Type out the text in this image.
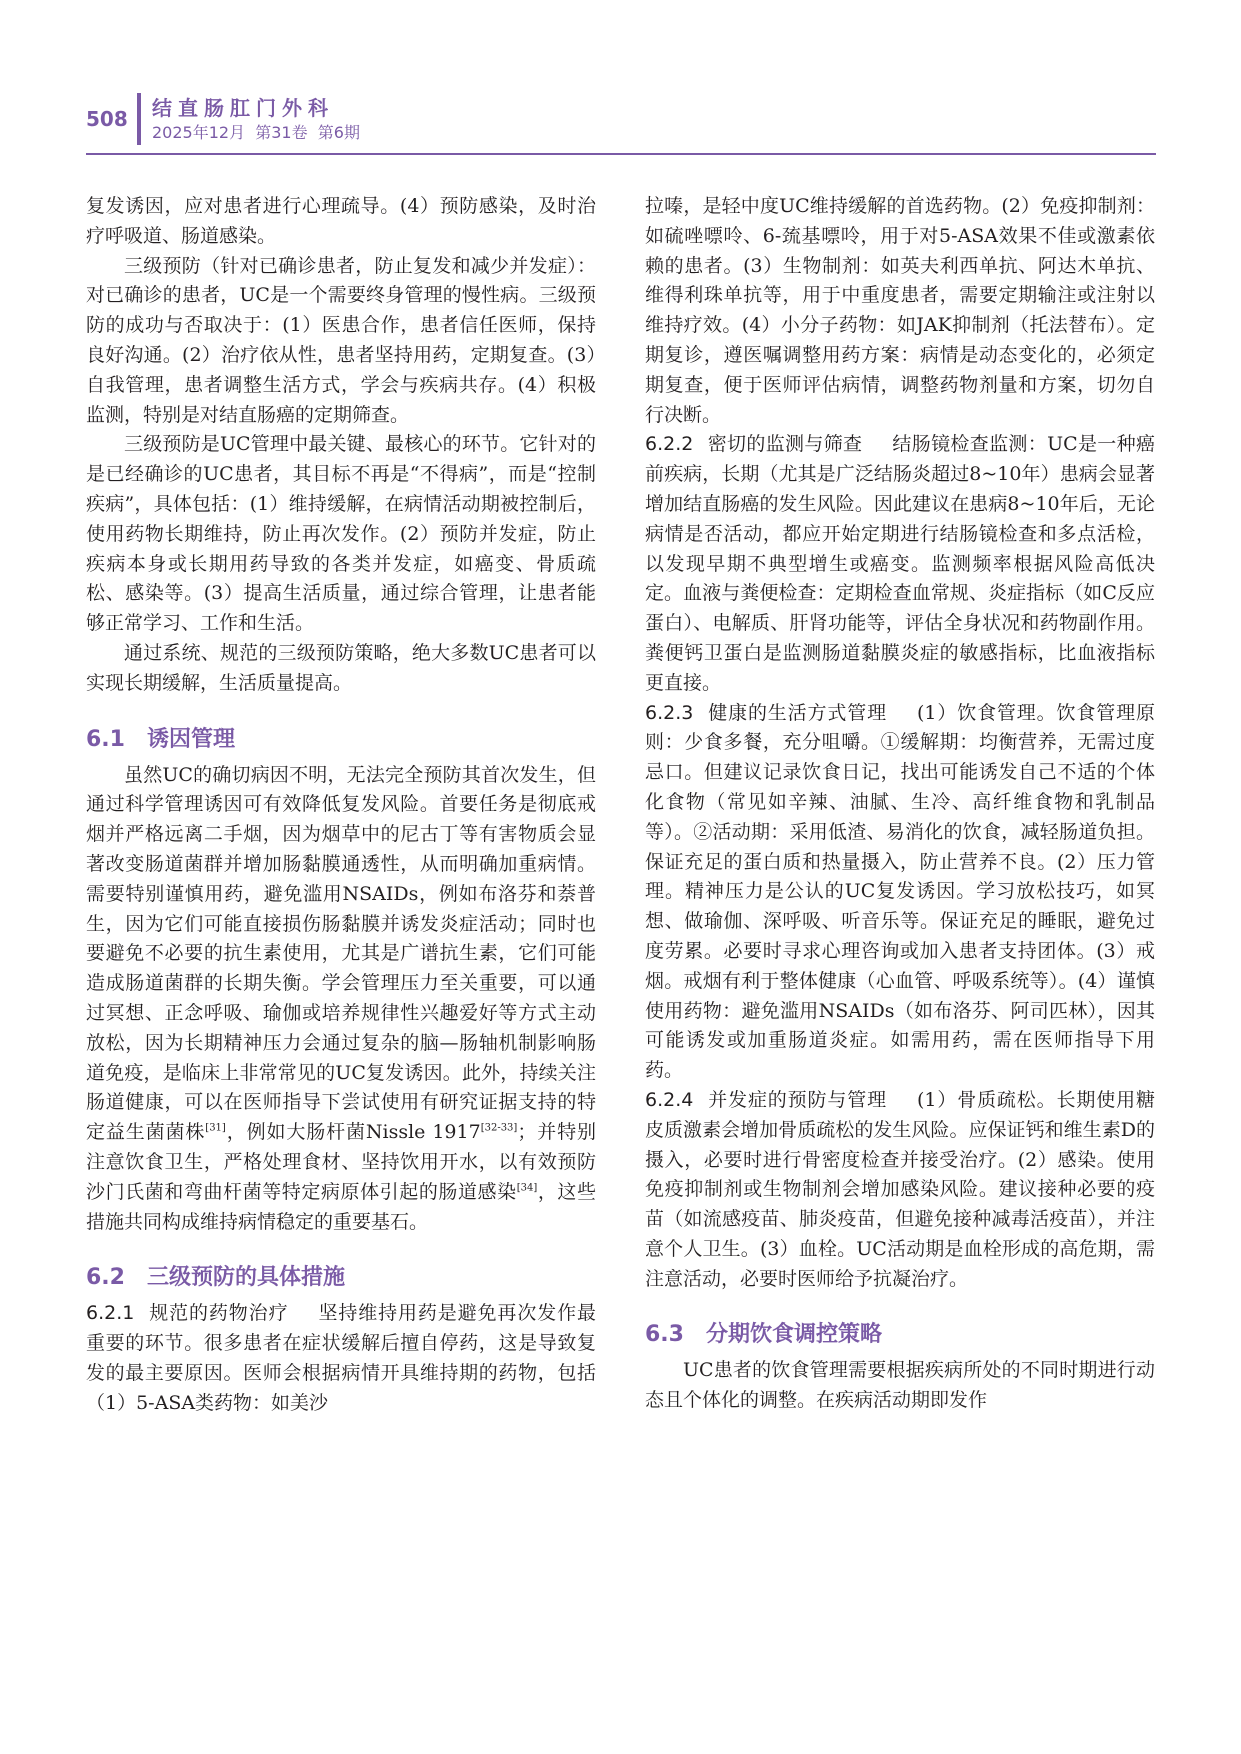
508 结直肠肛门外科
2025年12月  第31卷  第6期

复发诱因，应对患者进行心理疏导。(4）预防感染，及时治疗呼吸道、肠道感染。

三级预防（针对已确诊患者，防止复发和减少并发症）：对已确诊的患者，UC是一个需要终身管理的慢性病。三级预防的成功与否取决于：(1）医患合作，患者信任医师，保持良好沟通。(2）治疗依从性，患者坚持用药，定期复查。(3）自我管理，患者调整生活方式，学会与疾病共存。(4）积极监测，特别是对结直肠癌的定期筛查。

三级预防是UC管理中最关键、最核心的环节。它针对的是已经确诊的UC患者，其目标不再是“不得病”，而是“控制疾病”，具体包括：(1）维持缓解，在病情活动期被控制后，使用药物长期维持，防止再次发作。(2）预防并发症，防止疾病本身或长期用药导致的各类并发症，如癌变、骨质疏松、感染等。(3）提高生活质量，通过综合管理，让患者能够正常学习、工作和生活。

通过系统、规范的三级预防策略，绝大多数UC患者可以实现长期缓解，生活质量提高。

6.1 诱因管理

虽然UC的确切病因不明，无法完全预防其首次发生，但通过科学管理诱因可有效降低复发风险。首要任务是彻底戒烟并严格远离二手烟，因为烟草中的尼古丁等有害物质会显著改变肠道菌群并增加肠黏膜通透性，从而明确加重病情。需要特别谨慎用药，避免滥用NSAIDs，例如布洛芬和萘普生，因为它们可能直接损伤肠黏膜并诱发炎症活动；同时也要避免不必要的抗生素使用，尤其是广谱抗生素，它们可能造成肠道菌群的长期失衡。学会管理压力至关重要，可以通过冥想、正念呼吸、瑜伽或培养规律性兴趣爱好等方式主动放松，因为长期精神压力会通过复杂的脑—肠轴机制影响肠道免疫，是临床上非常常见的UC复发诱因。此外，持续关注肠道健康，可以在医师指导下尝试使用有研究证据支持的特定益生菌菌株[31]，例如大肠杆菌Nissle 1917[32-33]；并特别注意饮食卫生，严格处理食材、坚持饮用开水，以有效预防沙门氏菌和弯曲杆菌等特定病原体引起的肠道感染[34]，这些措施共同构成维持病情稳定的重要基石。

6.2 三级预防的具体措施

6.2.1 规范的药物治疗 坚持维持用药是避免再次发作最重要的环节。很多患者在症状缓解后擅自停药，这是导致复发的最主要原因。医师会根据病情开具维持期的药物，包括（1）5-ASA类药物：如美沙

拉嗪，是轻中度UC维持缓解的首选药物。(2）免疫抑制剂：如硫唑嘌呤、6-巯基嘌呤，用于对5-ASA效果不佳或激素依赖的患者。(3）生物制剂：如英夫利西单抗、阿达木单抗、维得利珠单抗等，用于中重度患者，需要定期输注或注射以维持疗效。(4）小分子药物：如JAK抑制剂（托法替布）。定期复诊，遵医嘱调整用药方案：病情是动态变化的，必须定期复查，便于医师评估病情，调整药物剂量和方案，切勿自行决断。

6.2.2 密切的监测与筛查 结肠镜检查监测：UC是一种癌前疾病，长期（尤其是广泛结肠炎超过8~10年）患病会显著增加结直肠癌的发生风险。因此建议在患病8~10年后，无论病情是否活动，都应开始定期进行结肠镜检查和多点活检，以发现早期不典型增生或癌变。监测频率根据风险高低决定。血液与粪便检查：定期检查血常规、炎症指标（如C反应蛋白）、电解质、肝肾功能等，评估全身状况和药物副作用。粪便钙卫蛋白是监测肠道黏膜炎症的敏感指标，比血液指标更直接。

6.2.3 健康的生活方式管理 (1）饮食管理。饮食管理原则：少食多餐，充分咀嚼。①缓解期：均衡营养，无需过度忌口。但建议记录饮食日记，找出可能诱发自己不适的个体化食物（常见如辛辣、油腻、生冷、高纤维食物和乳制品等）。②活动期：采用低渣、易消化的饮食，减轻肠道负担。保证充足的蛋白质和热量摄入，防止营养不良。(2）压力管理。精神压力是公认的UC复发诱因。学习放松技巧，如冥想、做瑜伽、深呼吸、听音乐等。保证充足的睡眠，避免过度劳累。必要时寻求心理咨询或加入患者支持团体。(3）戒烟。戒烟有利于整体健康（心血管、呼吸系统等）。(4）谨慎使用药物：避免滥用NSAIDs（如布洛芬、阿司匹林），因其可能诱发或加重肠道炎症。如需用药，需在医师指导下用药。

6.2.4 并发症的预防与管理 (1）骨质疏松。长期使用糖皮质激素会增加骨质疏松的发生风险。应保证钙和维生素D的摄入，必要时进行骨密度检查并接受治疗。(2）感染。使用免疫抑制剂或生物制剂会增加感染风险。建议接种必要的疫苗（如流感疫苗、肺炎疫苗，但避免接种减毒活疫苗），并注意个人卫生。(3）血栓。UC活动期是血栓形成的高危期，需注意活动，必要时医师给予抗凝治疗。

6.3 分期饮食调控策略

UC患者的饮食管理需要根据疾病所处的不同时期进行动态且个体化的调整。在疾病活动期即发作
